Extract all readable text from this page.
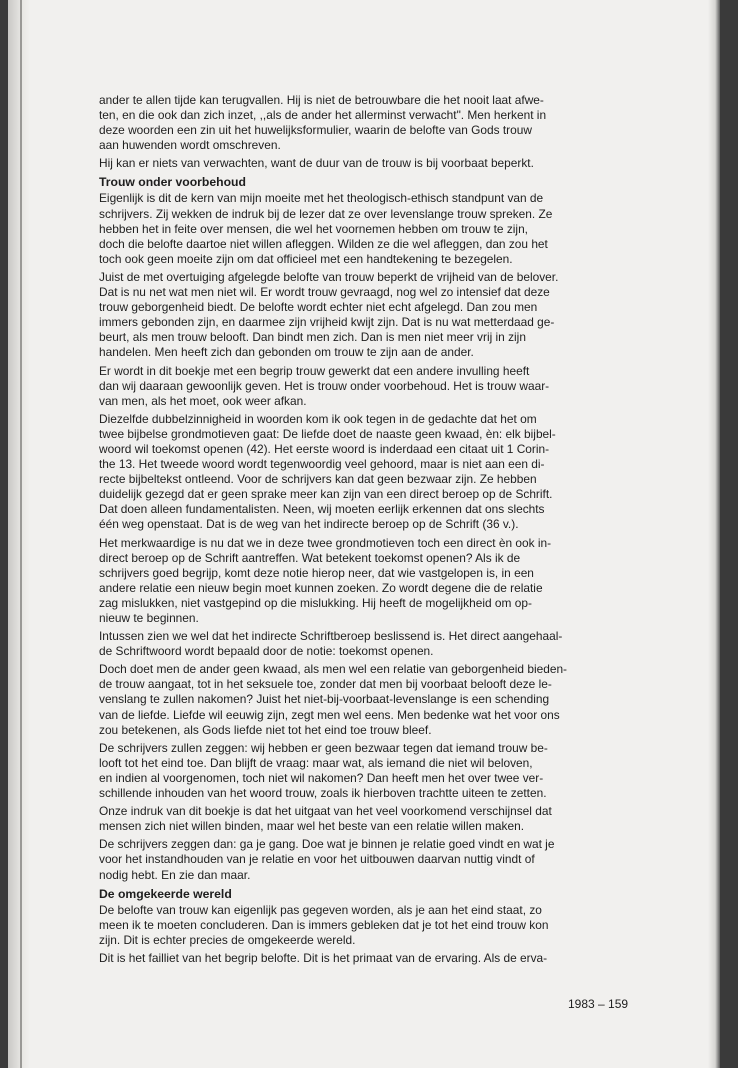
ander te allen tijde kan terugvallen. Hij is niet de betrouwbare die het nooit laat afwe-
ten, en die ook dan zich inzet, ,,als de ander het allerminst verwacht". Men herkent in
deze woorden een zin uit het huwelijksformulier, waarin de belofte van Gods trouw
aan huwenden wordt omschreven.

Hij kan er niets van verwachten, want de duur van de trouw is bij voorbaat beperkt.

Trouw onder voorbehoud

Eigenlijk is dit de kern van mijn moeite met het theologisch-ethisch standpunt van de
schrijvers. Zij wekken de indruk bij de lezer dat ze over levenslange trouw spreken. Ze
hebben het in feite over mensen, die wel het voornemen hebben om trouw te zijn,
doch die belofte daartoe niet willen afleggen. Wilden ze die wel afleggen, dan zou het
toch ook geen moeite zijn om dat officieel met een handtekening te bezegelen.

Juist de met overtuiging afgelegde belofte van trouw beperkt de vrijheid van de belover.
Dat is nu net wat men niet wil. Er wordt trouw gevraagd, nog wel zo intensief dat deze
trouw geborgenheid biedt. De belofte wordt echter niet echt afgelegd. Dan zou men
immers gebonden zijn, en daarmee zijn vrijheid kwijt zijn. Dat is nu wat metterdaad ge-
beurt, als men trouw belooft. Dan bindt men zich. Dan is men niet meer vrij in zijn
handelen. Men heeft zich dan gebonden om trouw te zijn aan de ander.

Er wordt in dit boekje met een begrip trouw gewerkt dat een andere invulling heeft
dan wij daaraan gewoonlijk geven. Het is trouw onder voorbehoud. Het is trouw waar-
van men, als het moet, ook weer afkan.

Diezelfde dubbelzinnigheid in woorden kom ik ook tegen in de gedachte dat het om
twee bijbelse grondmotieven gaat: De liefde doet de naaste geen kwaad, èn: elk bijbel-
woord wil toekomst openen (42). Het eerste woord is inderdaad een citaat uit 1 Corin-
the 13. Het tweede woord wordt tegenwoordig veel gehoord, maar is niet aan een di-
recte bijbeltekst ontleend. Voor de schrijvers kan dat geen bezwaar zijn. Ze hebben
duidelijk gezegd dat er geen sprake meer kan zijn van een direct beroep op de Schrift.
Dat doen alleen fundamentalisten. Neen, wij moeten eerlijk erkennen dat ons slechts
één weg openstaat. Dat is de weg van het indirecte beroep op de Schrift (36 v.).

Het merkwaardige is nu dat we in deze twee grondmotieven toch een direct èn ook in-
direct beroep op de Schrift aantreffen. Wat betekent toekomst openen? Als ik de
schrijvers goed begrijp, komt deze notie hierop neer, dat wie vastgelopen is, in een
andere relatie een nieuw begin moet kunnen zoeken. Zo wordt degene die de relatie
zag mislukken, niet vastgepind op die mislukking. Hij heeft de mogelijkheid om op-
nieuw te beginnen.

Intussen zien we wel dat het indirecte Schriftberoep beslissend is. Het direct aangehaal-
de Schriftwoord wordt bepaald door de notie: toekomst openen.

Doch doet men de ander geen kwaad, als men wel een relatie van geborgenheid bieden-
de trouw aangaat, tot in het seksuele toe, zonder dat men bij voorbaat belooft deze le-
venslang te zullen nakomen? Juist het niet-bij-voorbaat-levenslange is een schending
van de liefde. Liefde wil eeuwig zijn, zegt men wel eens. Men bedenke wat het voor ons
zou betekenen, als Gods liefde niet tot het eind toe trouw bleef.

De schrijvers zullen zeggen: wij hebben er geen bezwaar tegen dat iemand trouw be-
looft tot het eind toe. Dan blijft de vraag: maar wat, als iemand die niet wil beloven,
en indien al voorgenomen, toch niet wil nakomen? Dan heeft men het over twee ver-
schillende inhouden van het woord trouw, zoals ik hierboven trachtte uiteen te zetten.

Onze indruk van dit boekje is dat het uitgaat van het veel voorkomend verschijnsel dat
mensen zich niet willen binden, maar wel het beste van een relatie willen maken.

De schrijvers zeggen dan: ga je gang. Doe wat je binnen je relatie goed vindt en wat je
voor het instandhouden van je relatie en voor het uitbouwen daarvan nuttig vindt of
nodig hebt. En zie dan maar.

De omgekeerde wereld

De belofte van trouw kan eigenlijk pas gegeven worden, als je aan het eind staat, zo
meen ik te moeten concluderen. Dan is immers gebleken dat je tot het eind trouw kon
zijn. Dit is echter precies de omgekeerde wereld.

Dit is het failliet van het begrip belofte. Dit is het primaat van de ervaring. Als de erva-

1983 – 159
